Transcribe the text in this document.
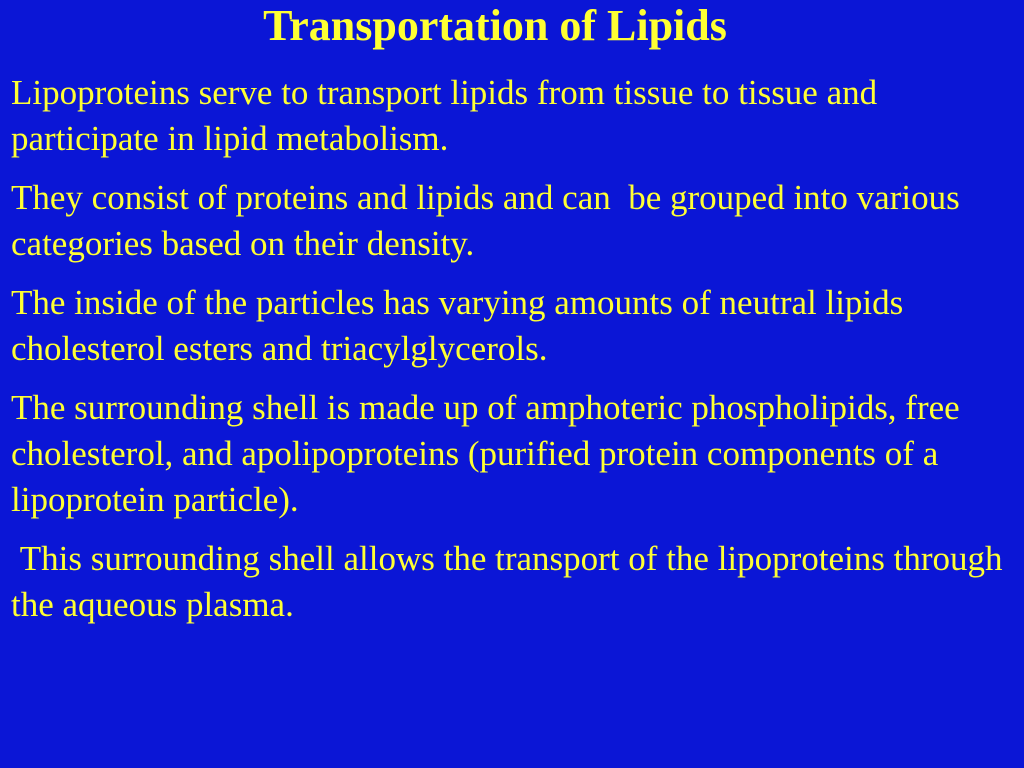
Transportation of Lipids

Lipoproteins serve to transport lipids from tissue to tissue and participate in lipid metabolism.

They consist of proteins and lipids and can  be grouped into various categories based on their density.

The inside of the particles has varying amounts of neutral lipids cholesterol esters and triacylglycerols.

The surrounding shell is made up of amphoteric phospholipids, free cholesterol, and apolipoproteins (purified protein components of a lipoprotein particle).

This surrounding shell allows the transport of the lipoproteins through the aqueous plasma.
